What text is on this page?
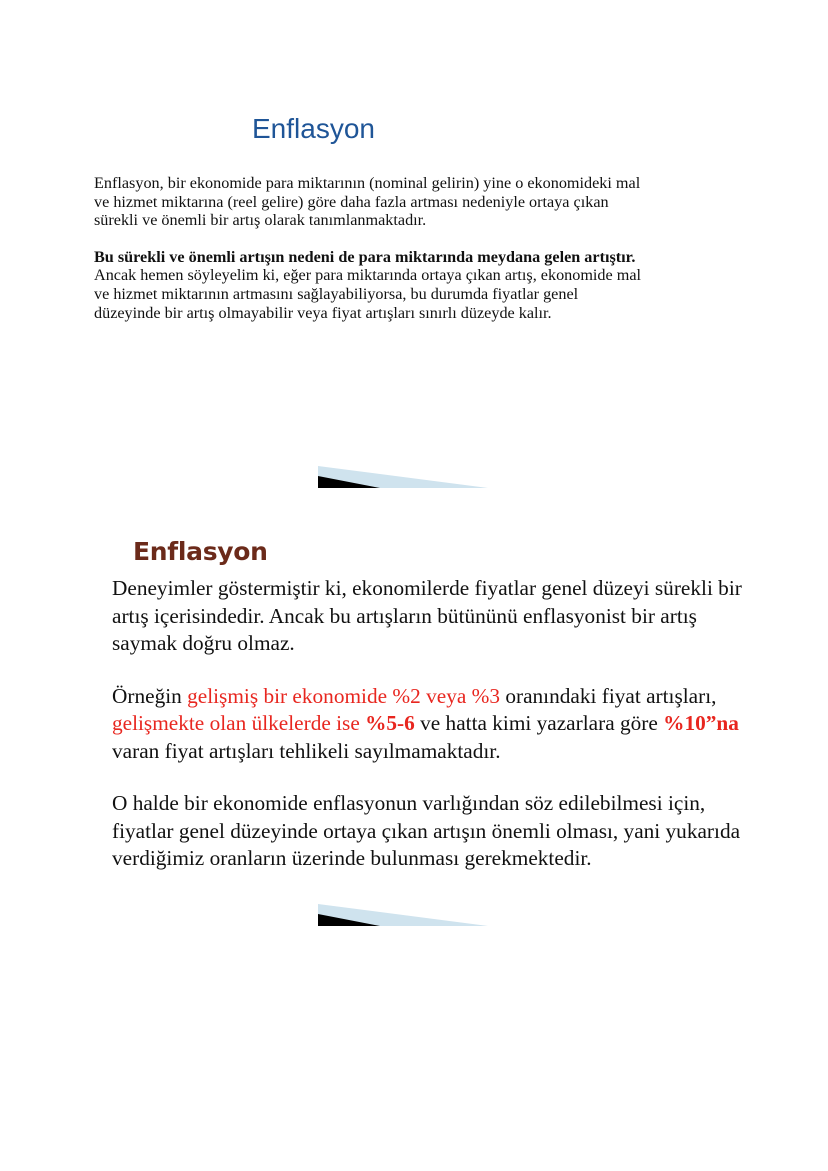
Enflasyon

Enflasyon, bir ekonomide para miktarının (nominal gelirin) yine o ekonomideki mal
ve hizmet miktarına (reel gelire) göre daha fazla artması nedeniyle ortaya çıkan
sürekli ve önemli bir artış olarak tanımlanmaktadır.

Bu sürekli ve önemli artışın nedeni de para miktarında meydana gelen artıştır.
Ancak hemen söyleyelim ki, eğer para miktarında ortaya çıkan artış, ekonomide mal
ve hizmet miktarının artmasını sağlayabiliyorsa, bu durumda fiyatlar genel
düzeyinde bir artış olmayabilir veya fiyat artışları sınırlı düzeyde kalır.

Enflasyon

Deneyimler göstermiştir ki, ekonomilerde fiyatlar genel düzeyi sürekli bir
artış içerisindedir. Ancak bu artışların bütününü enflasyonist bir artış
saymak doğru olmaz.

Örneğin gelişmiş bir ekonomide %2 veya %3 oranındaki fiyat artışları,
gelişmekte olan ülkelerde ise %5-6 ve hatta kimi yazarlara göre %10”na
varan fiyat artışları tehlikeli sayılmamaktadır.

O halde bir ekonomide enflasyonun varlığından söz edilebilmesi için,
fiyatlar genel düzeyinde ortaya çıkan artışın önemli olması, yani yukarıda
verdiğimiz oranların üzerinde bulunması gerekmektedir.
